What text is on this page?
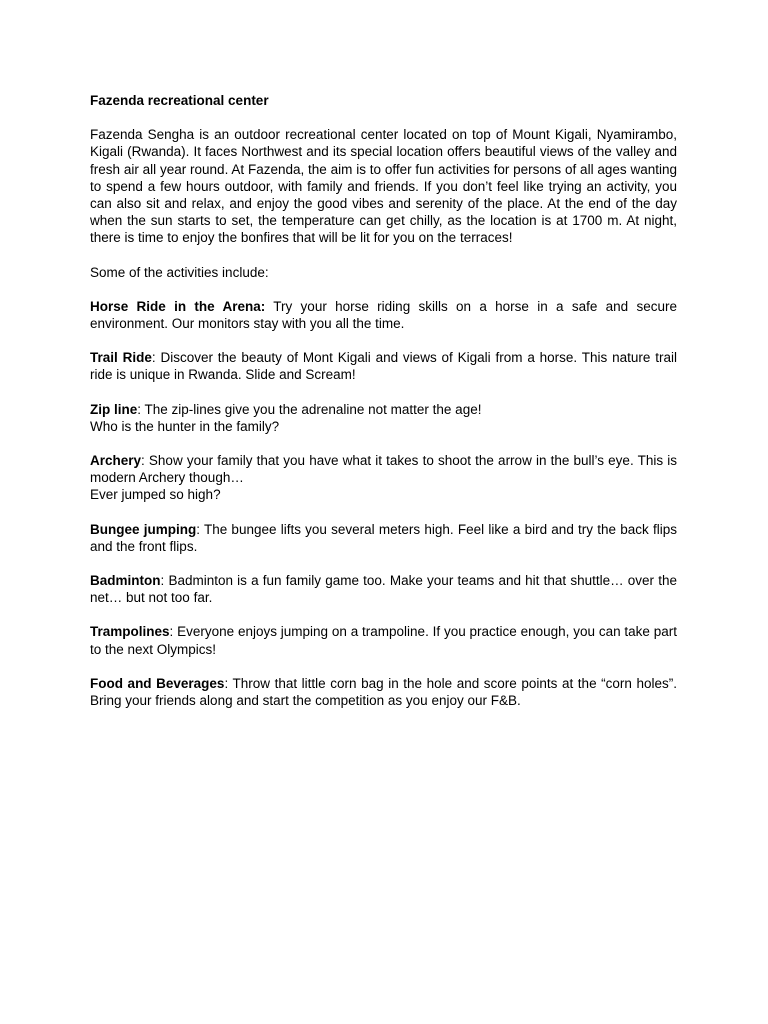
Fazenda recreational center
Fazenda Sengha is an outdoor recreational center located on top of Mount Kigali, Nyamirambo, Kigali (Rwanda). It faces Northwest and its special location offers beautiful views of the valley and fresh air all year round. At Fazenda, the aim is to offer fun activities for persons of all ages wanting to spend a few hours outdoor, with family and friends. If you don’t feel like trying an activity, you can also sit and relax, and enjoy the good vibes and serenity of the place. At the end of the day when the sun starts to set, the temperature can get chilly, as the location is at 1700 m. At night, there is time to enjoy the bonfires that will be lit for you on the terraces!
Some of the activities include:
Horse Ride in the Arena: Try your horse riding skills on a horse in a safe and secure environment. Our monitors stay with you all the time.
Trail Ride: Discover the beauty of Mont Kigali and views of Kigali from a horse. This nature trail ride is unique in Rwanda. Slide and Scream!
Zip line: The zip-lines give you the adrenaline not matter the age!
Who is the hunter in the family?
Archery: Show your family that you have what it takes to shoot the arrow in the bull’s eye. This is modern Archery though…
Ever jumped so high?
Bungee jumping: The bungee lifts you several meters high. Feel like a bird and try the back flips and the front flips.
Badminton: Badminton is a fun family game too. Make your teams and hit that shuttle… over the net… but not too far.
Trampolines: Everyone enjoys jumping on a trampoline. If you practice enough, you can take part to the next Olympics!
Food and Beverages: Throw that little corn bag in the hole and score points at the “corn holes”. Bring your friends along and start the competition as you enjoy our F&B.
